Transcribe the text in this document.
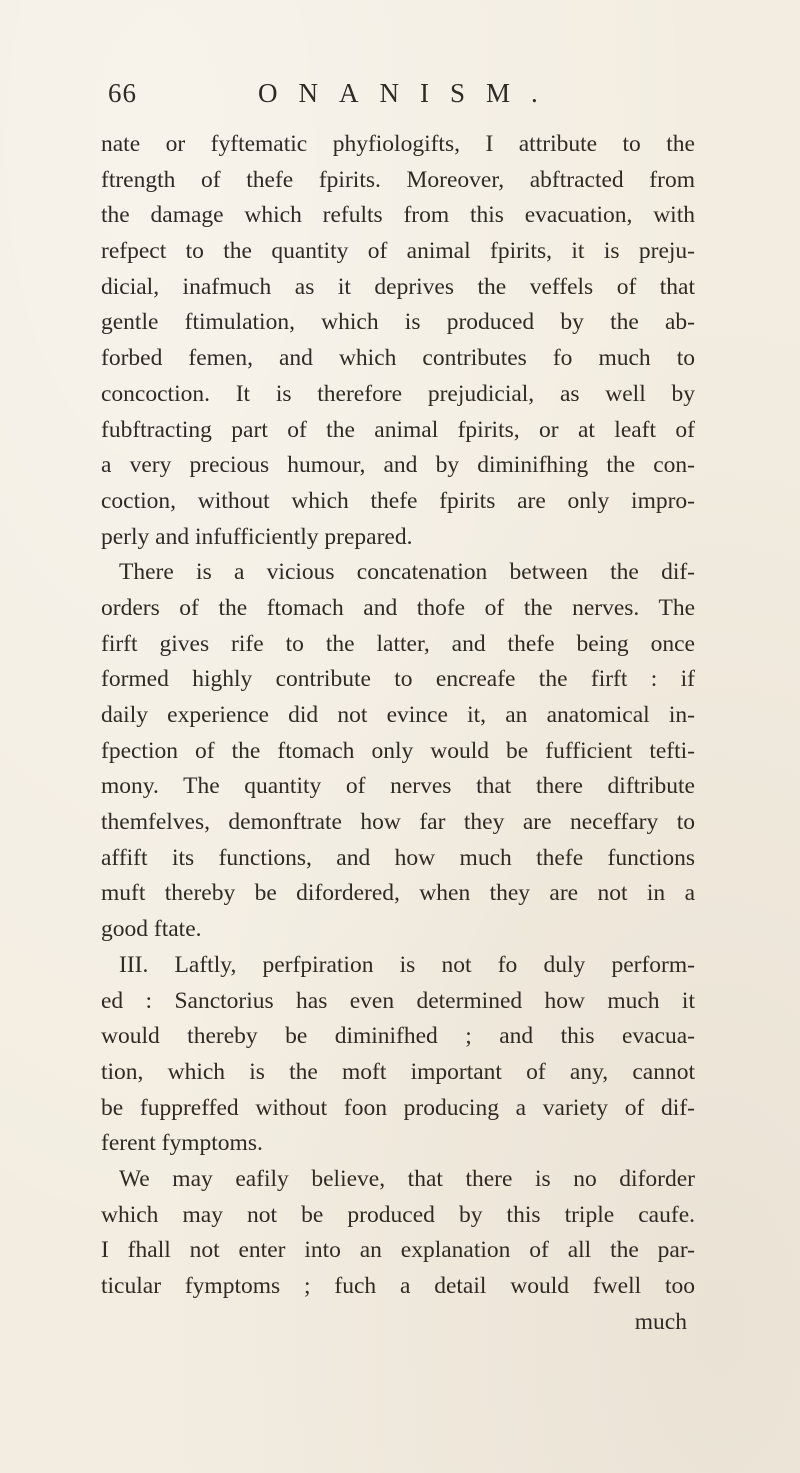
66	ONANISM.
nate or fyftematic phyfiologifts, I attribute to the
ftrength of thefe fpirits. Moreover, abftracted from
the damage which refults from this evacuation, with
refpect to the quantity of animal fpirits, it is preju-
dicial, inafmuch as it deprives the veffels of that
gentle ftimulation, which is produced by the ab-
forbed femen, and which contributes fo much to
concoction. It is therefore prejudicial, as well by
fubftracting part of the animal fpirits, or at leaft of
a very precious humour, and by diminifhing the con-
coction, without which thefe fpirits are only impro-
perly and infufficiently prepared.
There is a vicious concatenation between the dif-
orders of the ftomach and thofe of the nerves. The
firft gives rife to the latter, and thefe being once
formed highly contribute to encreafe the firft : if
daily experience did not evince it, an anatomical in-
fpection of the ftomach only would be fufficient tefti-
mony. The quantity of nerves that there diftribute
themfelves, demonftrate how far they are neceffary to
affift its functions, and how much thefe functions
muft thereby be difordered, when they are not in a
good ftate.
III. Laftly, perfpiration is not fo duly perform-
ed : Sanctorius has even determined how much it
would thereby be diminifhed ; and this evacua-
tion, which is the moft important of any, cannot
be fuppreffed without foon producing a variety of dif-
ferent fymptoms.
We may eafily believe, that there is no diforder
which may not be produced by this triple caufe.
I fhall not enter into an explanation of all the par-
ticular fymptoms ; fuch a detail would fwell too
much
